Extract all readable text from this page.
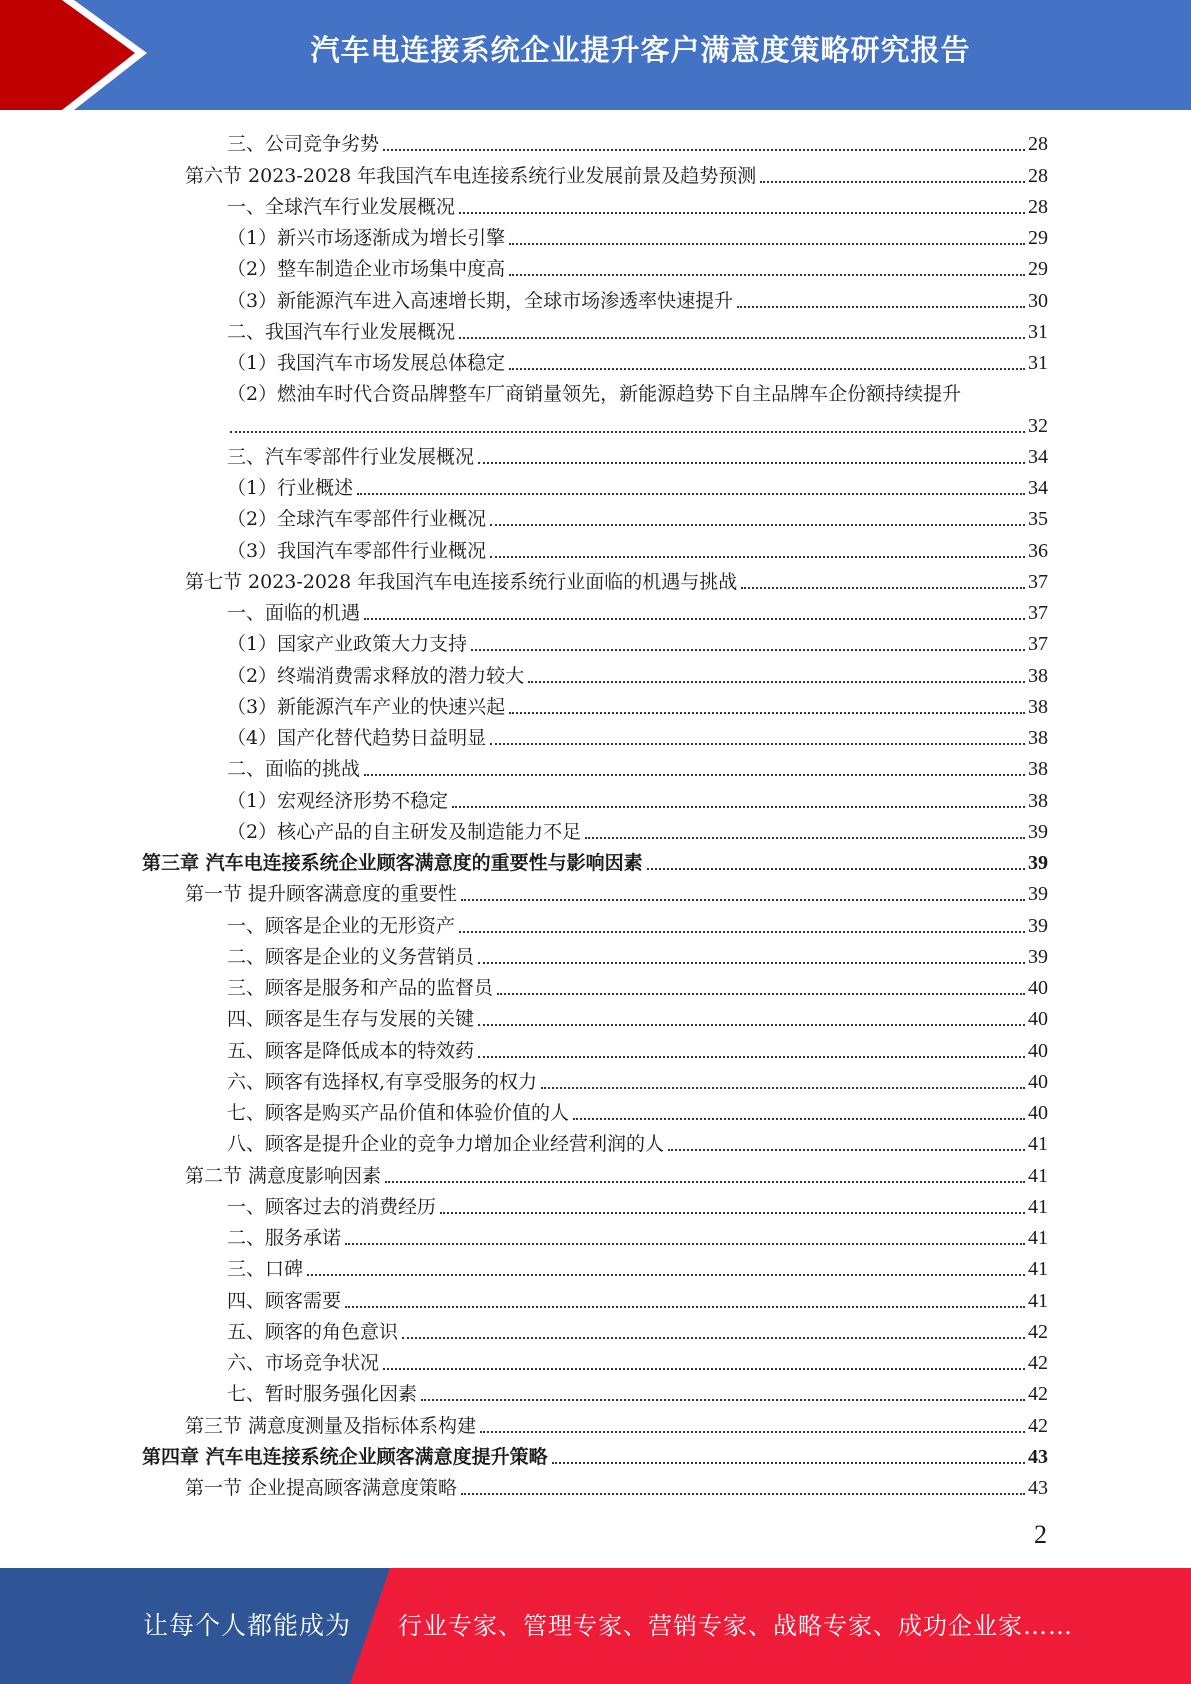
汽车电连接系统企业提升客户满意度策略研究报告
三、公司竞争劣势	28
第六节 2023-2028 年我国汽车电连接系统行业发展前景及趋势预测	28
一、全球汽车行业发展概况	28
（1）新兴市场逐渐成为增长引擎	29
（2）整车制造企业市场集中度高	29
（3）新能源汽车进入高速增长期，全球市场渗透率快速提升	30
二、我国汽车行业发展概况	31
（1）我国汽车市场发展总体稳定	31
（2）燃油车时代合资品牌整车厂商销量领先，新能源趋势下自主品牌车企份额持续提升
32
三、汽车零部件行业发展概况	34
（1）行业概述	34
（2）全球汽车零部件行业概况	35
（3）我国汽车零部件行业概况	36
第七节 2023-2028 年我国汽车电连接系统行业面临的机遇与挑战	37
一、面临的机遇	37
（1）国家产业政策大力支持	37
（2）终端消费需求释放的潜力较大	38
（3）新能源汽车产业的快速兴起	38
（4）国产化替代趋势日益明显	38
二、面临的挑战	38
（1）宏观经济形势不稳定	38
（2）核心产品的自主研发及制造能力不足	39
第三章 汽车电连接系统企业顾客满意度的重要性与影响因素	39
第一节 提升顾客满意度的重要性	39
一、顾客是企业的无形资产	39
二、顾客是企业的义务营销员	39
三、顾客是服务和产品的监督员	40
四、顾客是生存与发展的关键	40
五、顾客是降低成本的特效药	40
六、顾客有选择权,有享受服务的权力	40
七、顾客是购买产品价值和体验价值的人	40
八、顾客是提升企业的竞争力增加企业经营利润的人	41
第二节 满意度影响因素	41
一、顾客过去的消费经历	41
二、服务承诺	41
三、口碑	41
四、顾客需要	41
五、顾客的角色意识	42
六、市场竞争状况	42
七、暂时服务强化因素	42
第三节 满意度测量及指标体系构建	42
第四章 汽车电连接系统企业顾客满意度提升策略	43
第一节 企业提高顾客满意度策略	43
2
让每个人都能成为 行业专家、管理专家、营销专家、战略专家、成功企业家……
